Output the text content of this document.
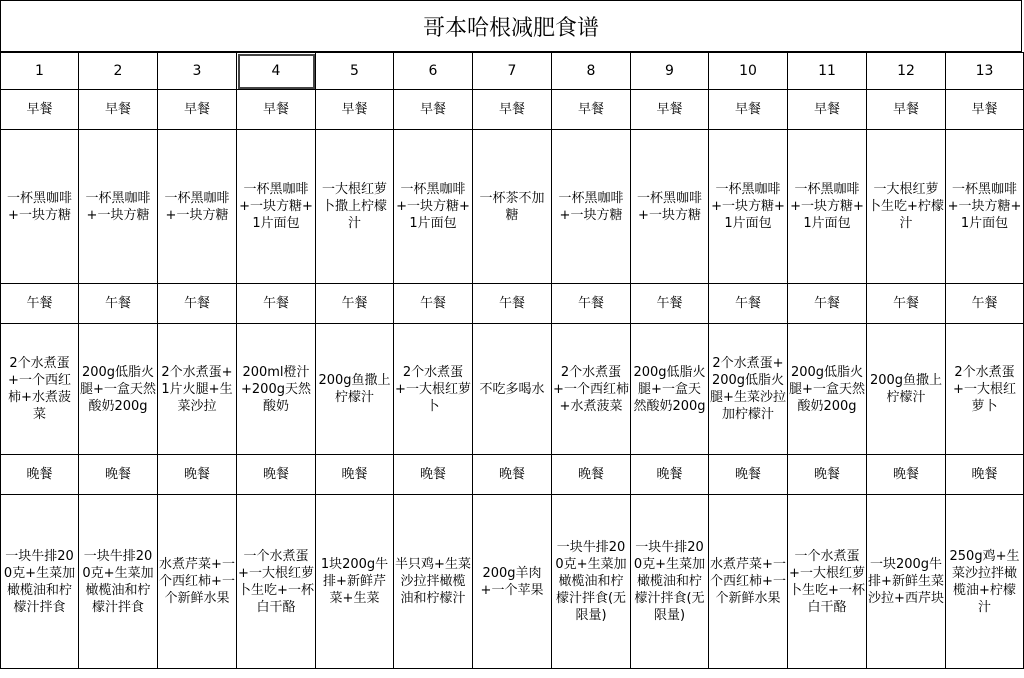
哥本哈根减肥食谱
1	2	3	4	5	6	7	8	9	10	11	12	13
早餐	早餐	早餐	早餐	早餐	早餐	早餐	早餐	早餐	早餐	早餐	早餐	早餐
一杯黑咖啡+一块方糖	一杯黑咖啡+一块方糖	一杯黑咖啡+一块方糖	一杯黑咖啡+一块方糖+1片面包	一大根红萝卜撒上柠檬汁	一杯黑咖啡+一块方糖+1片面包	一杯茶不加糖	一杯黑咖啡+一块方糖	一杯黑咖啡+一块方糖	一杯黑咖啡+一块方糖+1片面包	一杯黑咖啡+一块方糖+1片面包	一大根红萝卜生吃+柠檬汁	一杯黑咖啡+一块方糖+1片面包
午餐	午餐	午餐	午餐	午餐	午餐	午餐	午餐	午餐	午餐	午餐	午餐	午餐
2个水煮蛋+一个西红柿+水煮菠菜	200g低脂火腿+一盒天然酸奶200g	2个水煮蛋+1片火腿+生菜沙拉	200ml橙汁+200g天然酸奶	200g鱼撒上柠檬汁	2个水煮蛋+一大根红萝卜	不吃多喝水	2个水煮蛋+一个西红柿+水煮菠菜	200g低脂火腿+一盒天然酸奶200g	2个水煮蛋+200g低脂火腿+生菜沙拉加柠檬汁	200g低脂火腿+一盒天然酸奶200g	200g鱼撒上柠檬汁	2个水煮蛋+一大根红萝卜
晚餐	晚餐	晚餐	晚餐	晚餐	晚餐	晚餐	晚餐	晚餐	晚餐	晚餐	晚餐	晚餐
一块牛排200克+生菜加橄榄油和柠檬汁拌食	一块牛排200克+生菜加橄榄油和柠檬汁拌食	水煮芹菜+一个西红柿+一个新鲜水果	一个水煮蛋+一大根红萝卜生吃+一杯白干酪	1块200g牛排+新鲜芹菜+生菜	半只鸡+生菜沙拉拌橄榄油和柠檬汁	200g羊肉+一个苹果	一块牛排200克+生菜加橄榄油和柠檬汁拌食(无限量)	一块牛排200克+生菜加橄榄油和柠檬汁拌食(无限量)	水煮芹菜+一个西红柿+一个新鲜水果	一个水煮蛋+一大根红萝卜生吃+一杯白干酪	一块200g牛排+新鲜生菜沙拉+西芹块	250g鸡+生菜沙拉拌橄榄油+柠檬汁
